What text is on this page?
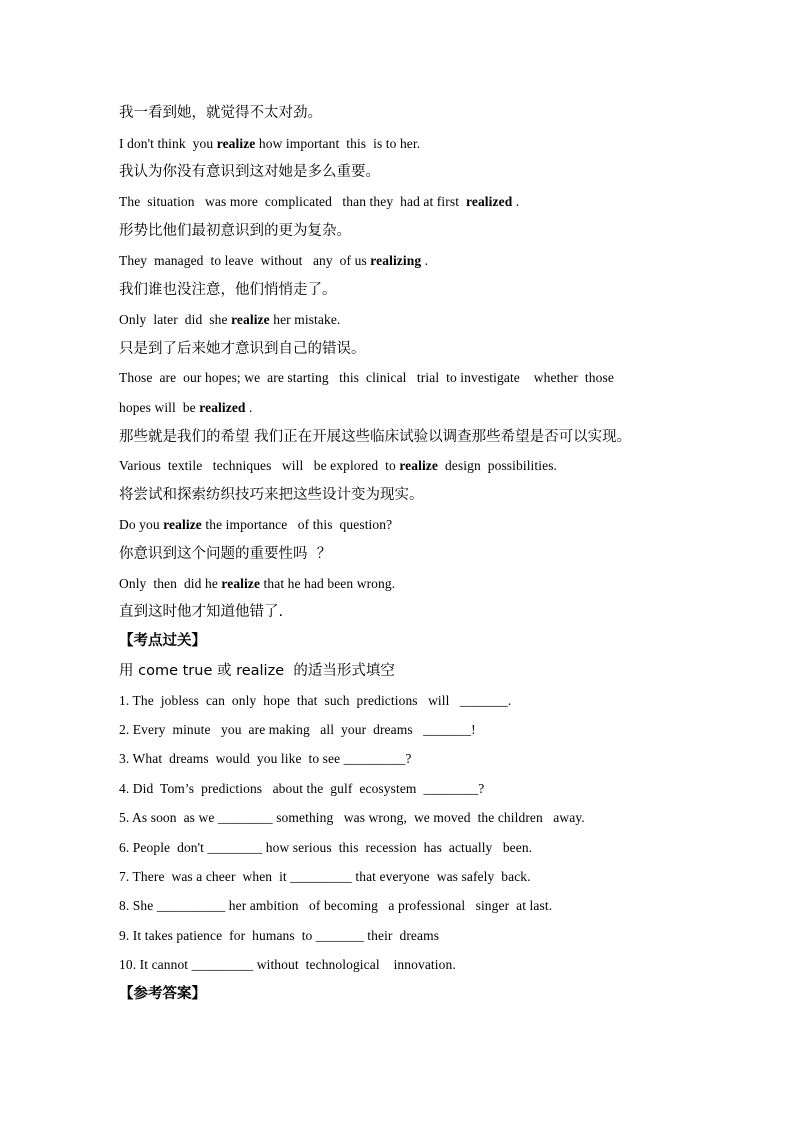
我一看到她，就觉得不太对劲。
I don't think  you realize how important  this  is to her.
我认为你没有意识到这对她是多么重要。
The  situation   was more  complicated   than they  had at first  realized .
形势比他们最初意识到的更为复杂。
They  managed  to leave  without   any  of us realizing .
我们谁也没注意，他们悄悄走了。
Only  later  did  she realize her mistake.
只是到了后来她才意识到自己的错误。
Those  are  our hopes; we  are starting   this  clinical   trial  to investigate    whether  those
hopes will  be realized .
那些就是我们的希望 我们正在开展这些临床试验以调查那些希望是否可以实现。
Various  textile   techniques   will   be explored  to realize  design  possibilities.
将尝试和探索纺织技巧来把这些设计变为现实。
Do you realize the importance   of this  question?
你意识到这个问题的重要性吗  ？
Only  then  did he realize that he had been wrong.
直到这时他才知道他错了.
【考点过关】
用 come true 或 realize  的适当形式填空
1. The  jobless  can  only  hope  that  such  predictions   will   _______.
2. Every  minute   you  are making   all  your  dreams   _______!
3. What  dreams  would  you like  to see _________?
4. Did  Tom’s  predictions   about the  gulf  ecosystem  ________?
5. As soon  as we ________ something   was wrong,  we moved  the children   away.
6. People  don't ________ how serious  this  recession  has  actually   been.
7. There  was a cheer  when  it _________ that everyone  was safely  back.
8. She __________ her ambition   of becoming   a professional   singer  at last.
9. It takes patience  for  humans  to _______ their  dreams
10. It cannot _________ without  technological    innovation.
【参考答案】
